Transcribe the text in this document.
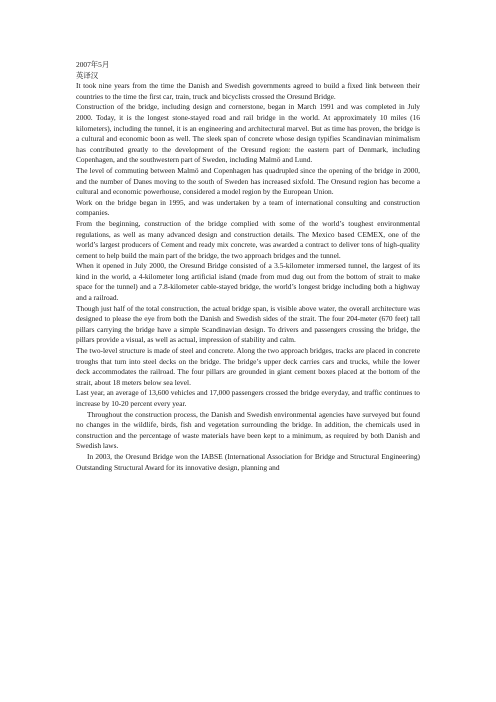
2007年5月

英译汉

It took nine years from the time the Danish and Swedish governments agreed to build a fixed link between their countries to the time the first car, train, truck and bicyclists crossed the Oresund Bridge.

Construction of the bridge, including design and cornerstone, began in March 1991 and was completed in July 2000. Today, it is the longest stone-stayed road and rail bridge in the world. At approximately 10 miles (16 kilometers), including the tunnel, it is an engineering and architectural marvel. But as time has proven, the bridge is a cultural and economic boon as well. The sleek span of concrete whose design typifies Scandinavian minimalism has contributed greatly to the development of the Oresund region: the eastern part of Denmark, including Copenhagen, and the southwestern part of Sweden, including Malmö and Lund.

The level of commuting between Malmö and Copenhagen has quadrupled since the opening of the bridge in 2000, and the number of Danes moving to the south of Sweden has increased sixfold. The Oresund region has become a cultural and economic powerhouse, considered a model region by the European Union.

Work on the bridge began in 1995, and was undertaken by a team of international consulting and construction companies.

From the beginning, construction of the bridge complied with some of the world’s toughest environmental regulations, as well as many advanced design and construction details. The Mexico based CEMEX, one of the world’s largest producers of Cement and ready mix concrete, was awarded a contract to deliver tons of high-quality cement to help build the main part of the bridge, the two approach bridges and the tunnel.

When it opened in July 2000, the Oresund Bridge consisted of a 3.5-kilometer immersed tunnel, the largest of its kind in the world, a 4-kilometer long artificial island (made from mud dug out from the bottom of strait to make space for the tunnel) and a 7.8-kilometer cable-stayed bridge, the world’s longest bridge including both a highway and a railroad.

Though just half of the total construction, the actual bridge span, is visible above water, the overall architecture was designed to please the eye from both the Danish and Swedish sides of the strait. The four 204-meter (670 feet) tall pillars carrying the bridge have a simple Scandinavian design. To drivers and passengers crossing the bridge, the pillars provide a visual, as well as actual, impression of stability and calm.

The two-level structure is made of steel and concrete. Along the two approach bridges, tracks are placed in concrete troughs that turn into steel decks on the bridge. The bridge’s upper deck carries cars and trucks, while the lower deck accommodates the railroad. The four pillars are grounded in giant cement boxes placed at the bottom of the strait, about 18 meters below sea level.

Last year, an average of 13,600 vehicles and 17,000 passengers crossed the bridge everyday, and traffic continues to increase by 10-20 percent every year.

Throughout the construction process, the Danish and Swedish environmental agencies have surveyed but found no changes in the wildlife, birds, fish and vegetation surrounding the bridge. In addition, the chemicals used in construction and the percentage of waste materials have been kept to a minimum, as required by both Danish and Swedish laws.

In 2003, the Oresund Bridge won the IABSE (International Association for Bridge and Structural Engineering) Outstanding Structural Award for its innovative design, planning and
